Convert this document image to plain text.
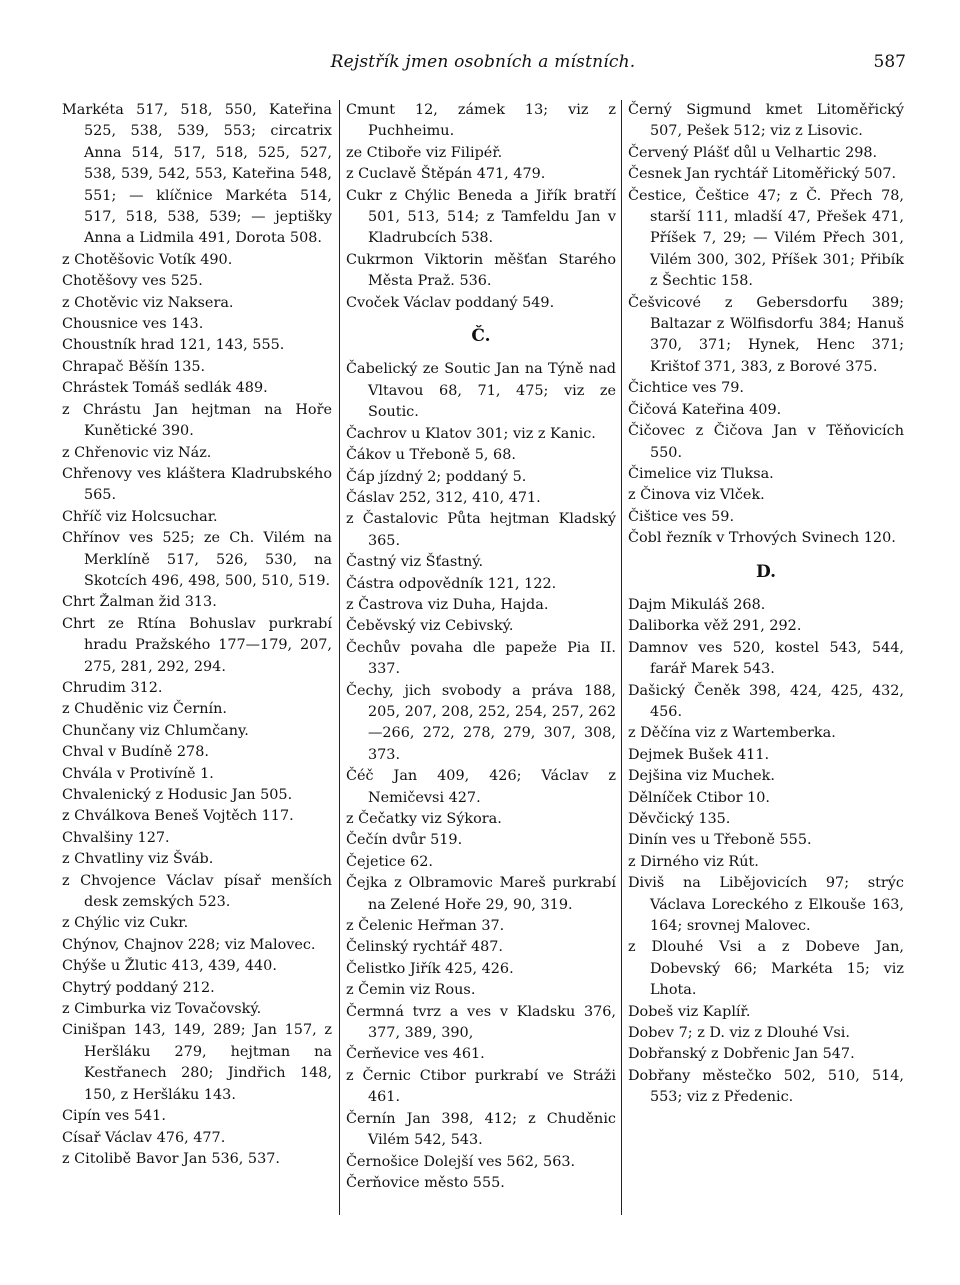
Rejstřík jmen osobních a místních.	587

Markéta 517, 518, 550, Kateřina 525, 538, 539, 553; circatrix Anna 514, 517, 518, 525, 527, 538, 539, 542, 553, Kateřina 548, 551; — klíčnice Markéta 514, 517, 518, 538, 539; — jeptišky Anna a Lidmila 491, Dorota 508.

z Chotěšovic Votík 490.

Chotěšovy ves 525.

z Chotěvic viz Naksera.

Chousnice ves 143.

Choustník hrad 121, 143, 555.

Chrapač Běšín 135.

Chrástek Tomáš sedlák 489.

z Chrástu Jan hejtman na Hoře Kunětické 390.

z Chřenovic viz Náz.

Chřenovy ves kláštera Kladrubského 565.

Chříč viz Holcsuchar.

Chřínov ves 525; ze Ch. Vilém na Merklíně 517, 526, 530, na Skotcích 496, 498, 500, 510, 519.

Chrt Žalman žid 313.

Chrt ze Rtína Bohuslav purkrabí hradu Pražského 177—179, 207, 275, 281, 292, 294.

Chrudim 312.

z Chuděnic viz Černín.

Chunčany viz Chlumčany.

Chval v Budíně 278.

Chvála v Protivíně 1.

Chvalenický z Hodusic Jan 505.

z Chválkova Beneš Vojtěch 117.

Chvalšiny 127.

z Chvatliny viz Šváb.

z Chvojence Václav písař menších desk zemských 523.

z Chýlic viz Cukr.

Chýnov, Chajnov 228; viz Malovec.

Chýše u Žlutic 413, 439, 440.

Chytrý poddaný 212.

z Cimburka viz Tovačovský.

Cinišpan 143, 149, 289; Jan 157, z Heršláku 279, hejtman na Kestřanech 280; Jindřich 148, 150, z Heršláku 143.

Cipín ves 541.

Císař Václav 476, 477.

z Citolibě Bavor Jan 536, 537.

Cmunt 12, zámek 13; viz z Puchheimu.

ze Ctiboře viz Filipéř.

z Cuclavě Štěpán 471, 479.

Cukr z Chýlic Beneda a Jiřík bratří 501, 513, 514; z Tamfeldu Jan v Kladrubcích 538.

Cukrmon Viktorin měšťan Starého Města Praž. 536.

Cvoček Václav poddaný 549.

Č.

Čabelický ze Soutic Jan na Týně nad Vltavou 68, 71, 475; viz ze Soutic.

Čachrov u Klatov 301; viz z Kanic.

Čákov u Třeboně 5, 68.

Čáp jízdný 2; poddaný 5.

Čáslav 252, 312, 410, 471.

z Častalovic Půta hejtman Kladský 365.

Častný viz Šťastný.

Částra odpovědník 121, 122.

z Častrova viz Duha, Hajda.

Čeběvský viz Cebivský.

Čechův povaha dle papeže Pia II. 337.

Čechy, jich svobody a práva 188, 205, 207, 208, 252, 254, 257, 262—266, 272, 278, 279, 307, 308, 373.

Čéč Jan 409, 426; Václav z Nemičevsi 427.

z Čečatky viz Sýkora.

Čečín dvůr 519.

Čejetice 62.

Čejka z Olbramovic Mareš purkrabí na Zelené Hoře 29, 90, 319.

z Čelenic Heřman 37.

Čelinský rychtář 487.

Čelistko Jiřík 425, 426.

z Čemin viz Rous.

Čermná tvrz a ves v Kladsku 376, 377, 389, 390,

Čerňevice ves 461.

z Černic Ctibor purkrabí ve Stráži 461.

Černín Jan 398, 412; z Chuděnic Vilém 542, 543.

Černošice Dolejší ves 562, 563.

Čerňovice město 555.

Černý Sigmund kmet Litoměřický 507, Pešek 512; viz z Lisovic.

Červený Plášť důl u Velhartic 298.

Česnek Jan rychtář Litoměřický 507.

Čestice, Češtice 47; z Č. Přech 78, starší 111, mladší 47, Přešek 471, Příšek 7, 29; — Vilém Přech 301, Vilém 300, 302, Příšek 301; Přibík z Šechtic 158.

Češvicové z Gebersdorfu 389; Baltazar z Wölfisdorfu 384; Hanuš 370, 371; Hynek, Henc 371; Krištof 371, 383, z Borové 375.

Čichtice ves 79.

Čičová Kateřina 409.

Čičovec z Čičova Jan v Těňovicích 550.

Čimelice viz Tluksa.

z Činova viz Vlček.

Čištice ves 59.

Čobl řezník v Trhových Svinech 120.

D.

Dajm Mikuláš 268.

Daliborka věž 291, 292.

Damnov ves 520, kostel 543, 544, farář Marek 543.

Dašický Čeněk 398, 424, 425, 432, 456.

z Děčína viz z Wartemberka.

Dejmek Bušek 411.

Dejšina viz Muchek.

Dělníček Ctibor 10.

Děvčický 135.

Dinín ves u Třeboně 555.

z Dirného viz Rút.

Diviš na Libějovicích 97; strýc Václava Loreckého z Elkouše 163, 164; srovnej Malovec.

z Dlouhé Vsi a z Dobeve Jan, Dobevský 66; Markéta 15; viz Lhota.

Dobeš viz Kaplíř.

Dobev 7; z D. viz z Dlouhé Vsi.

Dobřanský z Dobřenic Jan 547.

Dobřany městečko 502, 510, 514, 553; viz z Předenic.
